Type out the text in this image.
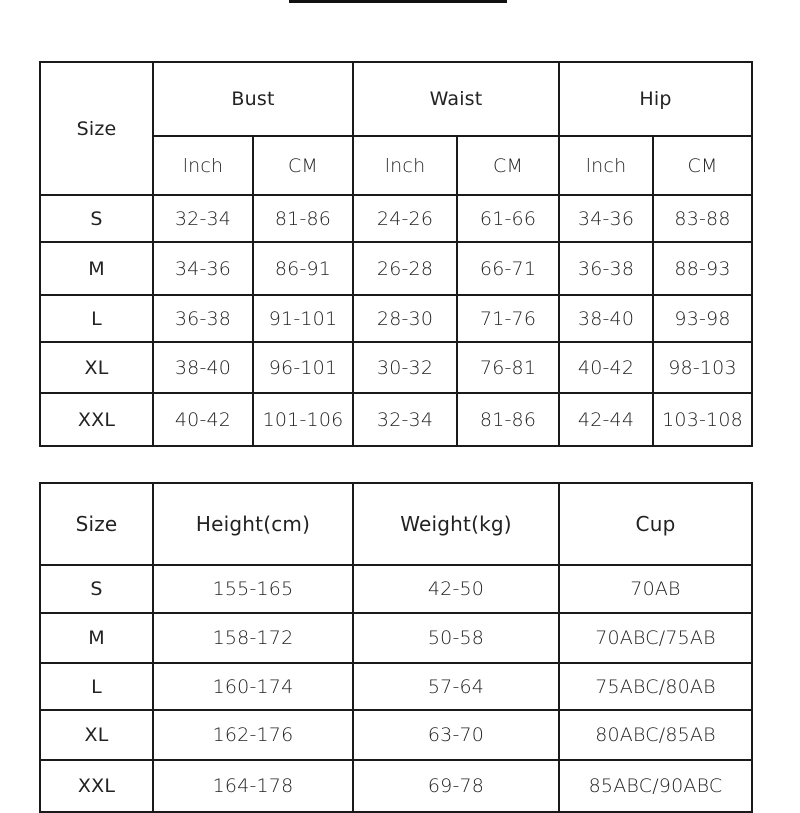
Size	Bust		Waist		Hip	
	lnch	CM	lnch	CM	lnch	CM
S	32-34	81-86	24-26	61-66	34-36	83-88
M	34-36	86-91	26-28	66-71	36-38	88-93
L	36-38	91-101	28-30	71-76	38-40	93-98
XL	38-40	96-101	30-32	76-81	40-42	98-103
XXL	40-42	101-106	32-34	81-86	42-44	103-108
Size	Height(cm)	Weight(kg)	Cup
S	155-165	42-50	70AB
M	158-172	50-58	70ABC/75AB
L	160-174	57-64	75ABC/80AB
XL	162-176	63-70	80ABC/85AB
XXL	164-178	69-78	85ABC/90ABC
